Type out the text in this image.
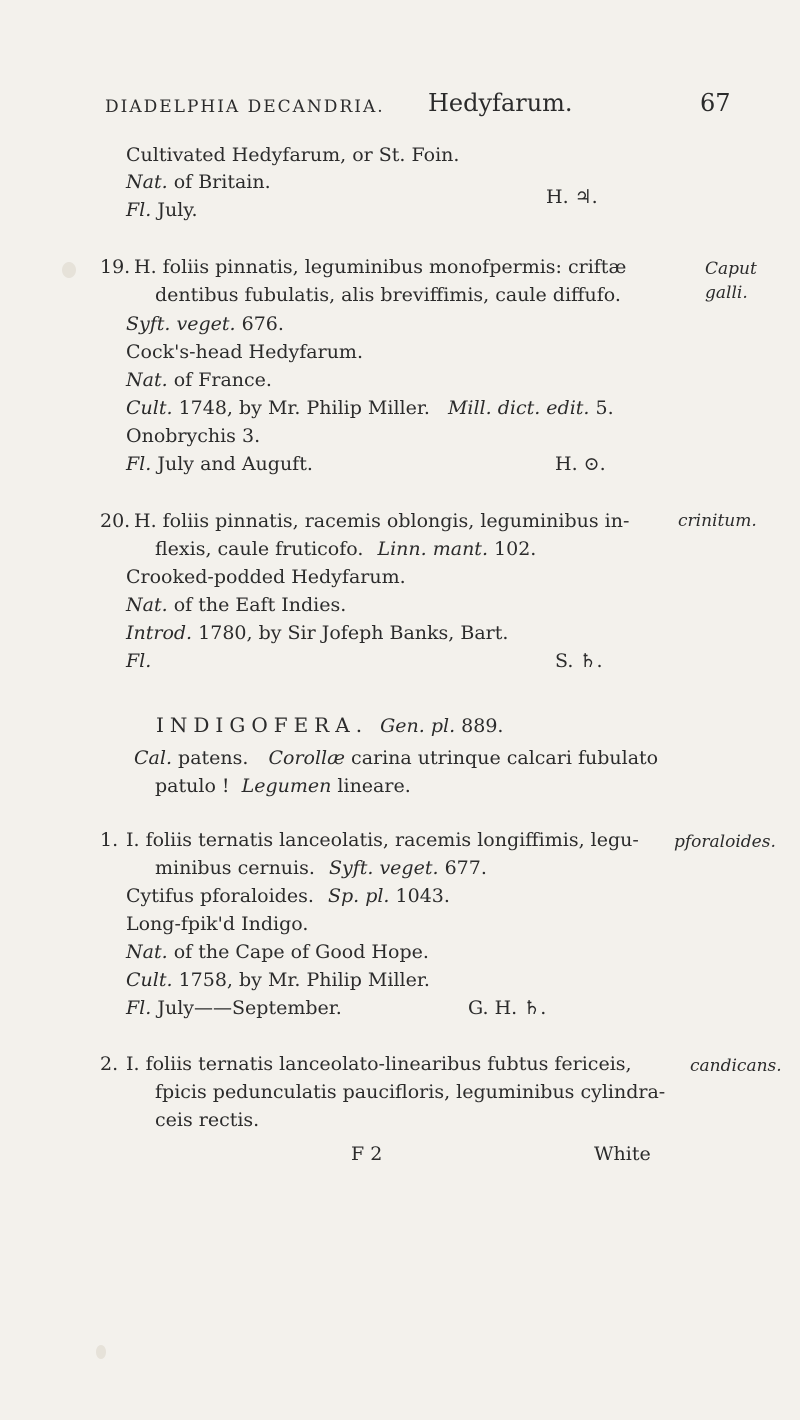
DIADELPHIA DECANDRIA. Hedyfarum.	67
Cultivated Hedyfarum, or St. Foin.
Nat. of Britain.
Fl. July.
H. ♃.
19. H. foliis pinnatis, leguminibus monofpermis: criftæ
dentibus fubulatis, alis breviffimis, caule diffufo.
Syft. veget. 676.
Cock's-head Hedyfarum.
Nat. of France.
Cult. 1748, by Mr. Philip Miller. Mill. dict. edit. 5.
Onobrychis 3.
Fl. July and Auguft.	H. ⊙.
Caput galli.
20. H. foliis pinnatis, racemis oblongis, leguminibus in-
flexis, caule fruticofo. Linn. mant. 102.
Crooked-podded Hedyfarum.
Nat. of the Eaft Indies.
Introd. 1780, by Sir Jofeph Banks, Bart.
Fl.	S. ♄.
crinitum.
INDIGOFERA. Gen. pl. 889.
Cal. patens. Corollæ carina utrinque calcari fubulato
patulo ! Legumen lineare.
1. I. foliis ternatis lanceolatis, racemis longiffimis, legu-
minibus cernuis. Syft. veget. 677.
Cytifus pforaloides. Sp. pl. 1043.
Long-fpik'd Indigo.
Nat. of the Cape of Good Hope.
Cult. 1758, by Mr. Philip Miller.
Fl. July——September.	G. H. ♄.
pforaloides.
2. I. foliis ternatis lanceolato-linearibus fubtus fericeis,
fpicis pedunculatis paucifloris, leguminibus cylindra-
ceis rectis.
candicans.
F 2	White
